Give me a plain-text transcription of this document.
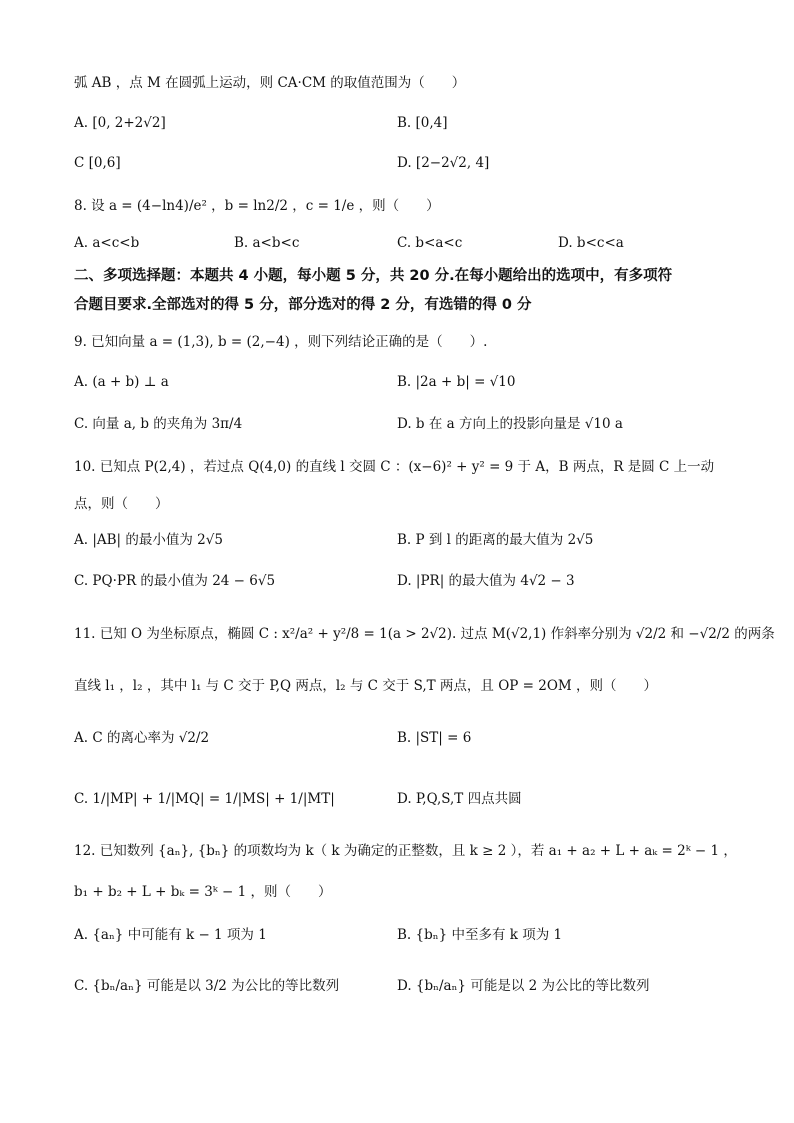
弧 AB ，点 M 在圆弧上运动，则 CA·CM 的取值范围为（　　）
A. [0, 2+2√2]	B. [0,4]
C [0,6]	D. [2−2√2, 4]
8. 设 a = (4−ln4)/e² ，b = ln2/2 ，c = 1/e ，则（　　）
A. a<c<b	B. a<b<c	C. b<a<c	D. b<c<a
二、多项选择题：本题共 4 小题，每小题 5 分，共 20 分.在每小题给出的选项中，有多项符
合题目要求.全部选对的得 5 分，部分选对的得 2 分，有选错的得 0 分
9. 已知向量 a = (1,3), b = (2,−4) ，则下列结论正确的是（　　）.
A. (a + b) ⊥ a	B. |2a + b| = √10
C. 向量 a, b 的夹角为 3π/4	D. b 在 a 方向上的投影向量是 √10 a
10. 已知点 P(2,4) ，若过点 Q(4,0) 的直线 l 交圆 C ：(x−6)² + y² = 9 于 A，B 两点，R 是圆 C 上一动
点，则（　　）
A. |AB| 的最小值为 2√5	B. P 到 l 的距离的最大值为 2√5
C. PQ·PR 的最小值为 24 − 6√5	D. |PR| 的最大值为 4√2 − 3
11. 已知 O 为坐标原点，椭圆 C : x²/a² + y²/8 = 1(a > 2√2). 过点 M(√2,1) 作斜率分别为 √2/2 和 −√2/2 的两条
直线 l₁ ，l₂ ，其中 l₁ 与 C 交于 P,Q 两点，l₂ 与 C 交于 S,T 两点，且 OP = 2OM ，则（　　）
A. C 的离心率为 √2/2	B. |ST| = 6
C. 1/|MP| + 1/|MQ| = 1/|MS| + 1/|MT|	D. P,Q,S,T 四点共圆
12. 已知数列 {aₙ}, {bₙ} 的项数均为 k（ k 为确定的正整数，且 k ≥ 2 ），若 a₁ + a₂ + L + aₖ = 2ᵏ − 1 ，
b₁ + b₂ + L + bₖ = 3ᵏ − 1 ，则（　　）
A. {aₙ} 中可能有 k − 1 项为 1	B. {bₙ} 中至多有 k 项为 1
C. {bₙ/aₙ} 可能是以 3/2 为公比的等比数列	D. {bₙ/aₙ} 可能是以 2 为公比的等比数列
